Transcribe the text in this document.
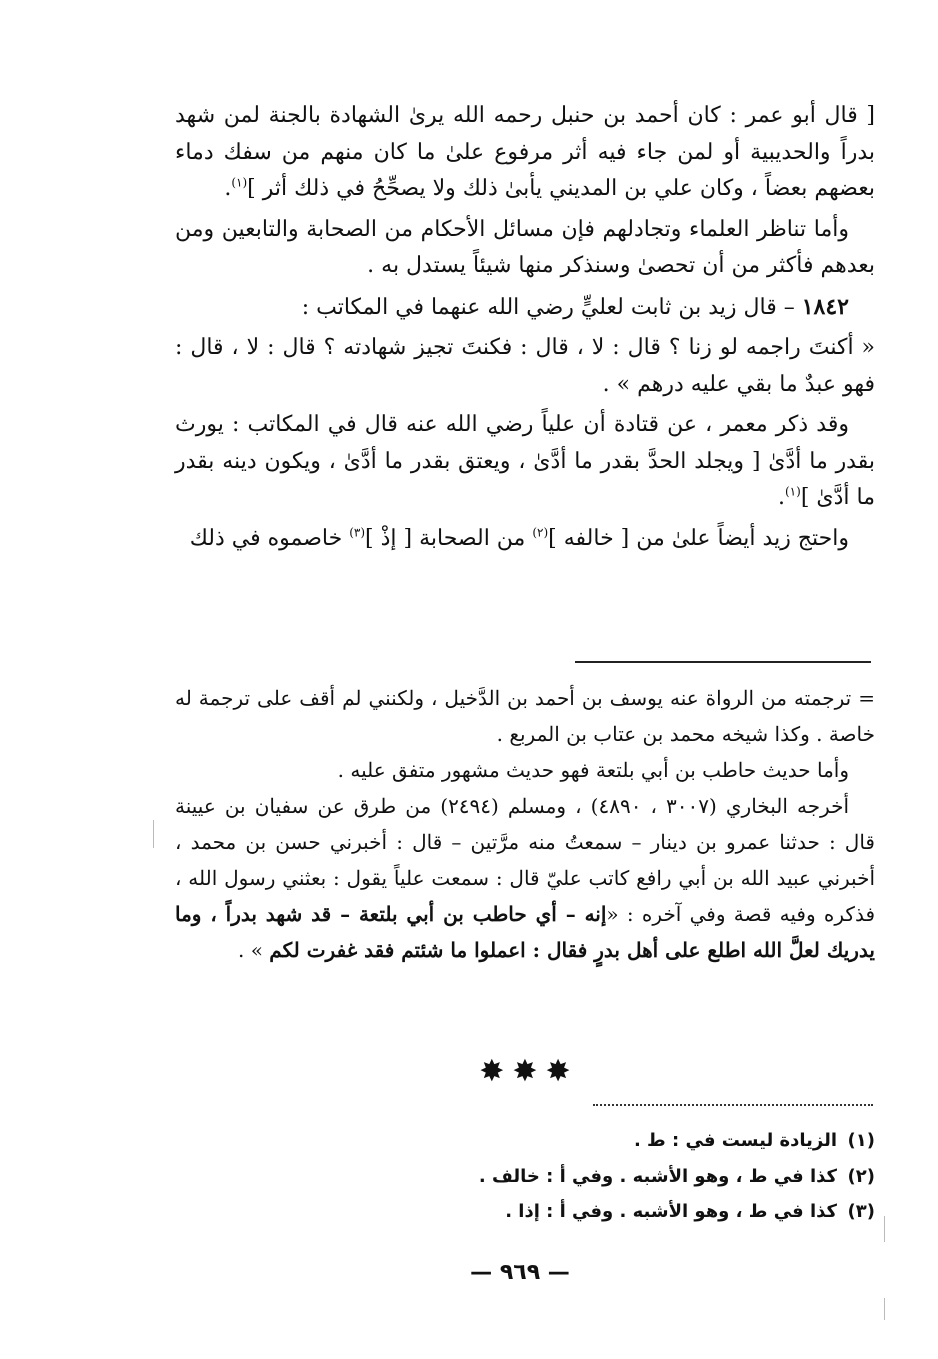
[ قال أبو عمر : كان أحمد بن حنبل رحمه الله يرىٰ الشهادة بالجنة لمن شهد بدراً والحديبية أو لمن جاء فيه أثر مرفوع علىٰ ما كان منهم من سفك دماء بعضهم بعضاً ، وكان علي بن المديني يأبىٰ ذلك ولا يصحِّحُ في ذلك أثر ]$^{(١)}$.

وأما تناظر العلماء وتجادلهم فإن مسائل الأحكام من الصحابة والتابعين ومن بعدهم فأكثر من أن تحصىٰ وسنذكر منها شيئاً يستدل به .

١٨٤٢ – قال زيد بن ثابت لعليٍّ رضي الله عنهما في المكاتب :

« أكنتَ راجمه لو زنا ؟ قال : لا ، قال : فكنتَ تجيز شهادته ؟ قال : لا ، قال : فهو عبدٌ ما بقي عليه درهم » .

وقد ذكر معمر ، عن قتادة أن علياً رضي الله عنه قال في المكاتب : يورث بقدر ما أدَّىٰ [ ويجلد الحدَّ بقدر ما أدَّىٰ ، ويعتق بقدر ما أدَّىٰ ، ويكون دينه بقدر ما أدَّىٰ ]$^{(١)}$.

واحتج زيد أيضاً علىٰ من [ خالفه ]$^{(٢)}$ من الصحابة [ إذْ ]$^{(٣)}$ خاصموه في ذلك

= ترجمته من الرواة عنه يوسف بن أحمد بن الدَّخيل ، ولكنني لم أقف على ترجمة له خاصة . وكذا شيخه محمد بن عتاب بن المربع .

وأما حديث حاطب بن أبي بلتعة فهو حديث مشهور متفق عليه .

أخرجه البخاري (٣٠٠٧ ، ٤٨٩٠) ، ومسلم (٢٤٩٤) من طرق عن سفيان بن عيينة قال : حدثنا عمرو بن دينار – سمعتُ منه مرَّتين – قال : أخبرني حسن بن محمد ، أخبرني عبيد الله بن أبي رافع كاتب عليّ قال : سمعت علياً يقول : بعثني رسول الله ، فذكره وفيه قصة وفي آخره : «إنه – أي حاطب بن أبي بلتعة – قد شهد بدراً ، وما يدريك لعلَّ الله اطلع على أهل بدرٍ فقال : اعملوا ما شئتم فقد غفرت لكم » .

✸✸✸
(١)الزيادة ليست في : ط .
(٢)كذا في ط ، وهو الأشبه . وفي أ : خالف .
(٣)كذا في ط ، وهو الأشبه . وفي أ : إذا .
— ٩٦٩ —
